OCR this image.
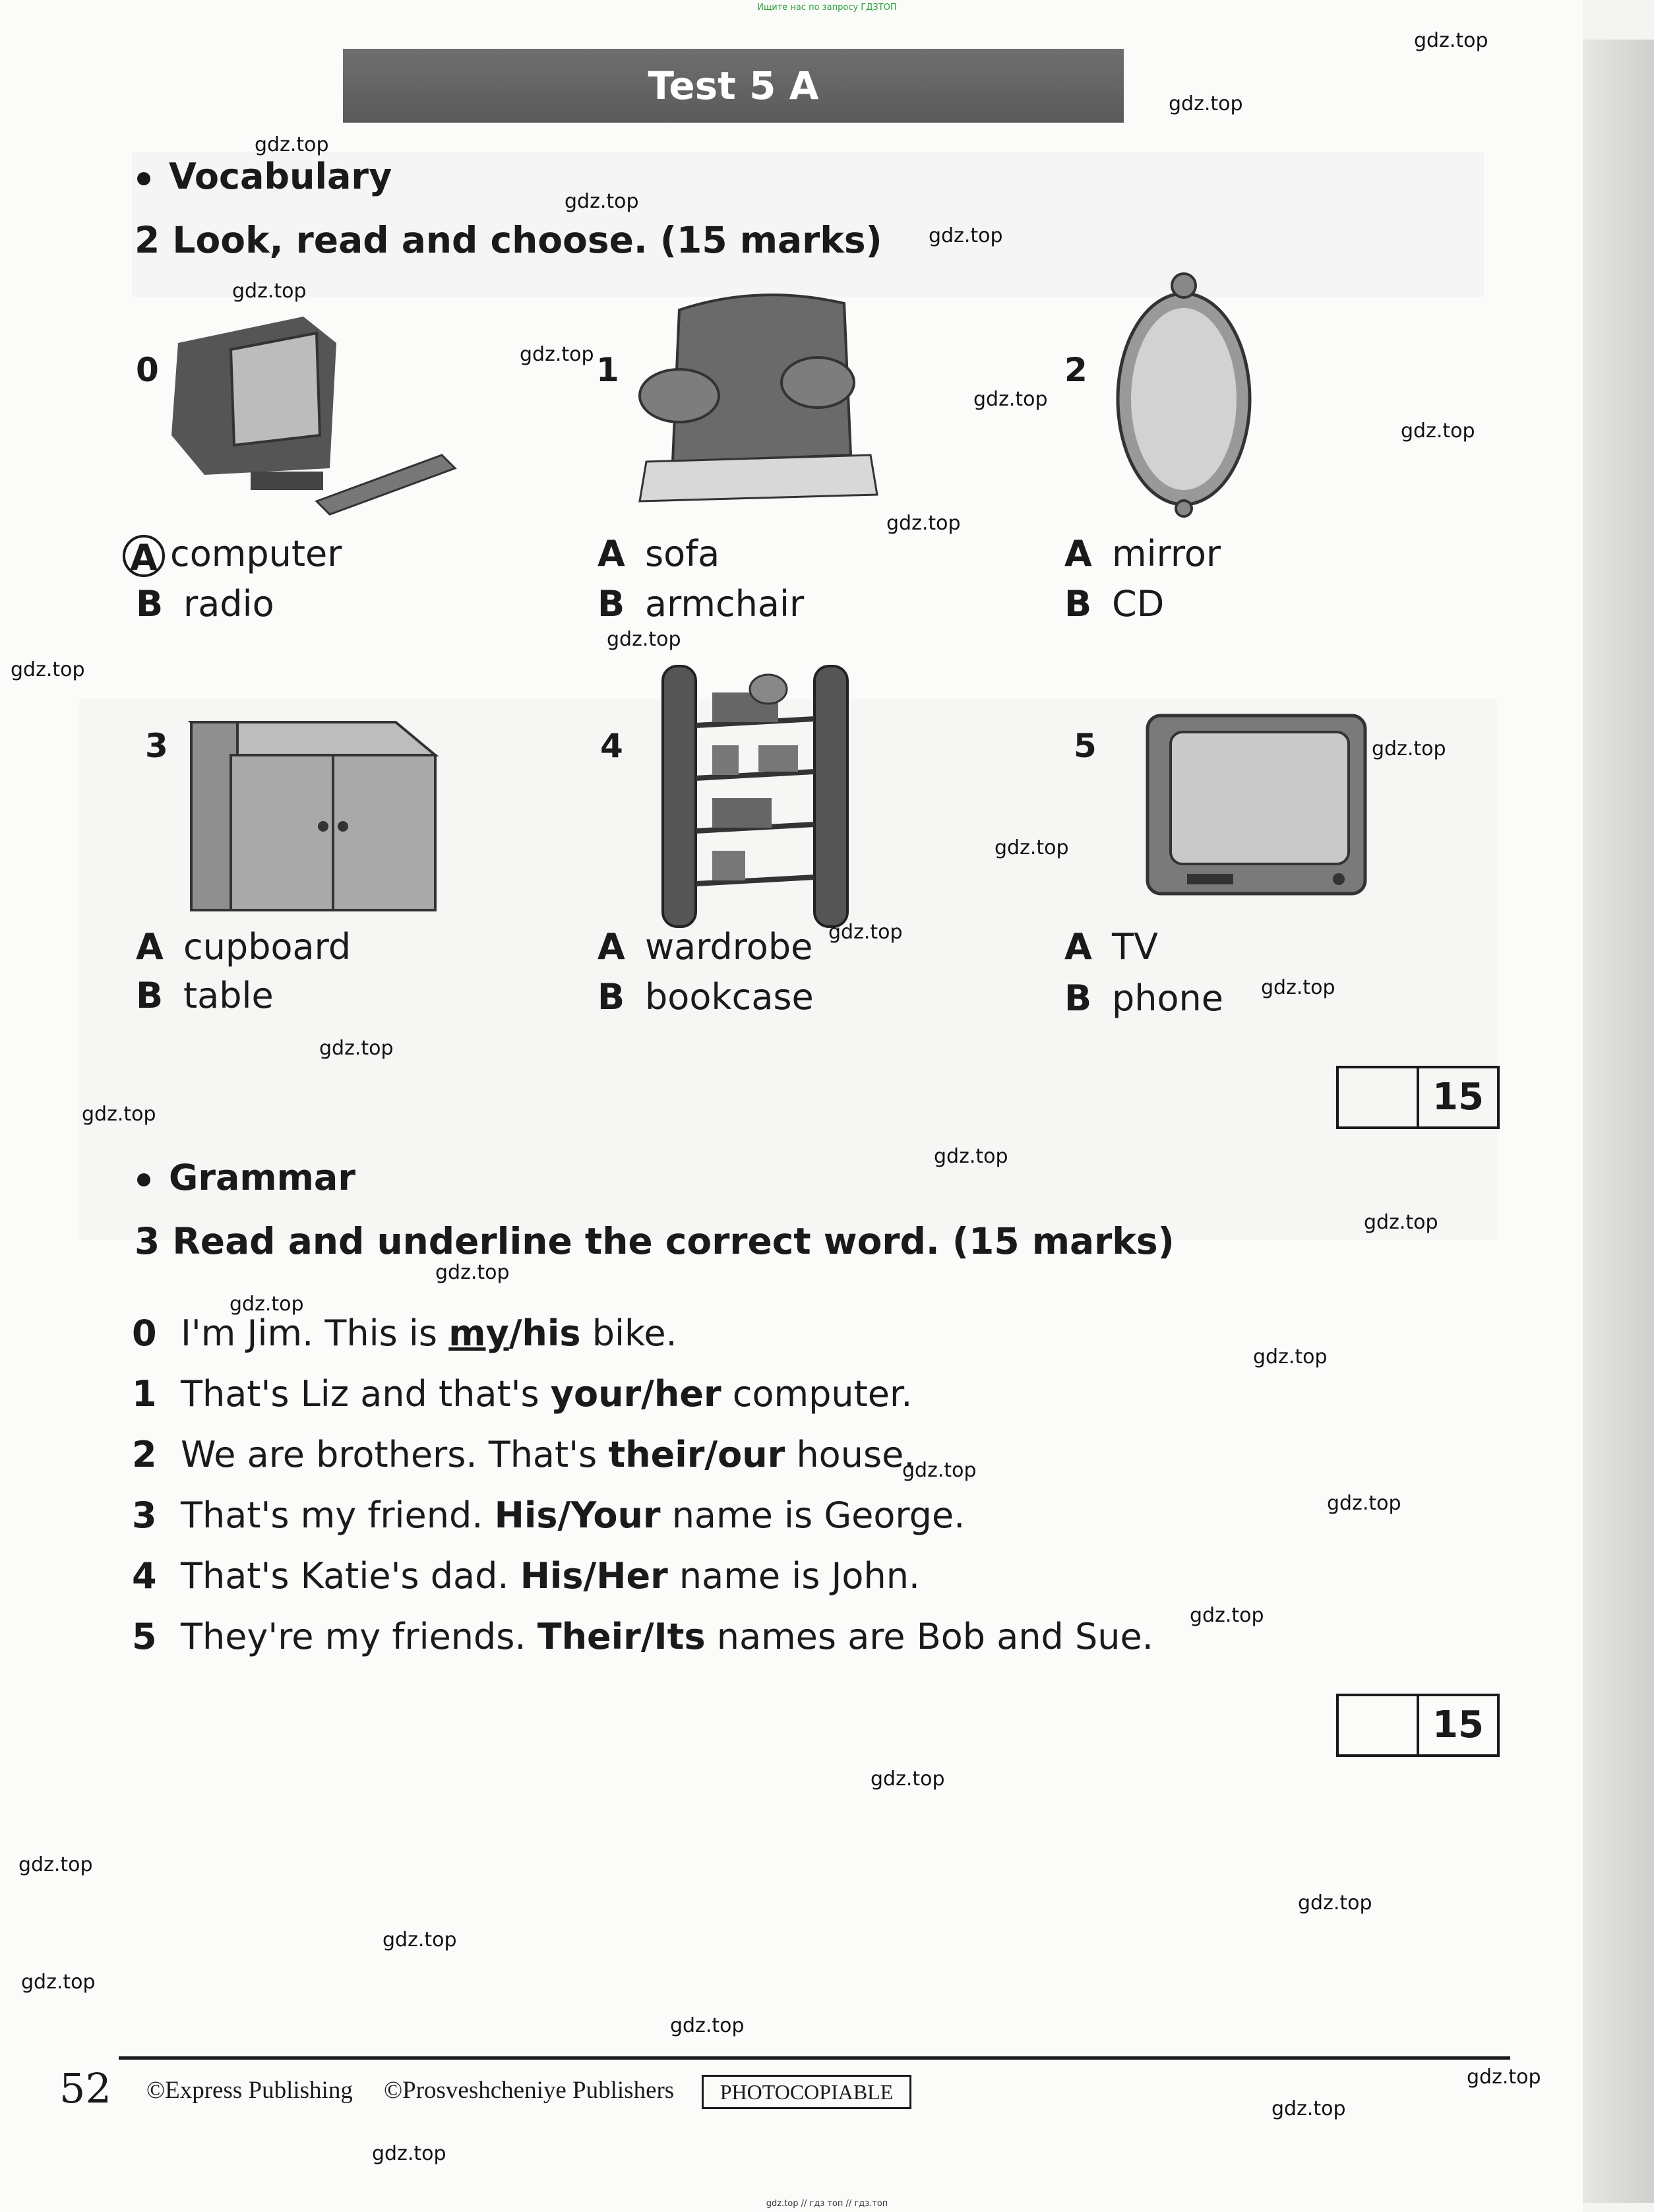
Ищите нас по запросу ГДЗТОП
Test 5 A
Vocabulary
2 Look, read and choose. (15 marks)
0
A computer
B radio
1
A sofa
B armchair
2
A mirror
B CD
3
A cupboard
B table
4
A wardrobe
B bookcase
5
A TV
B phone
15
Grammar
3 Read and underline the correct word. (15 marks)
0 I'm Jim. This is my/his bike.
1 That's Liz and that's your/her computer.
2 We are brothers. That's their/our house.
3 That's my friend. His/Your name is George.
4 That's Katie's dad. His/Her name is John.
5 They're my friends. Their/Its names are Bob and Sue.
15
52 ©Express Publishing ©Prosveshcheniye Publishers	PHOTOCOPIABLE
gdz.top
gdz.top
gdz.top
gdz.top
gdz.top
gdz.top
gdz.top
gdz.top
gdz.top
gdz.top
gdz.top
gdz.top
gdz.top
gdz.top
gdz.top
gdz.top
gdz.top
gdz.top
gdz.top
gdz.top
gdz.top
gdz.top
gdz.top
gdz.top
gdz.top
gdz.top
gdz.top
gdz.top
gdz.top
gdz.top
gdz.top
gdz.top
gdz.top
gdz.top
gdz.top
gdz.top // гдз топ // гдз.топ
